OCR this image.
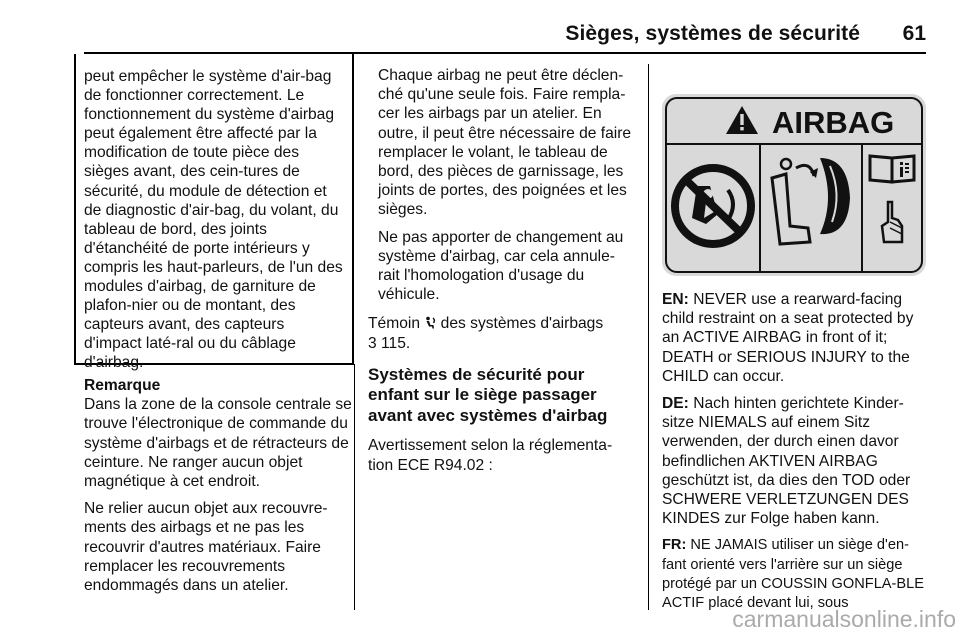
Sièges, systèmes de sécurité	61

peut empêcher le système d'air-bag de fonctionner correctement. Le fonctionnement du système d'airbag peut également être affecté par la modification de toute pièce des sièges avant, des cein-tures de sécurité, du module de détection et de diagnostic d'air-bag, du volant, du tableau de bord, des joints d'étanchéité de porte intérieurs y compris les haut-parleurs, de l'un des modules d'airbag, de garniture de plafon-nier ou de montant, des capteurs avant, des capteurs d'impact laté-ral ou du câblage d'airbag.

Remarque

Dans la zone de la console centrale se trouve l'électronique de commande du système d'airbags et de rétracteurs de ceinture. Ne ranger aucun objet magnétique à cet endroit.

Ne relier aucun objet aux recouvre-ments des airbags et ne pas les recouvrir d'autres matériaux. Faire remplacer les recouvrements endommagés dans un atelier.

Chaque airbag ne peut être déclen-ché qu'une seule fois. Faire rempla-cer les airbags par un atelier. En outre, il peut être nécessaire de faire remplacer le volant, le tableau de bord, des pièces de garnissage, les joints de portes, des poignées et les sièges.

Ne pas apporter de changement au système d'airbag, car cela annule-rait l'homologation d'usage du véhicule.

Témoin  des systèmes d'airbags
3 115.

Systèmes de sécurité pour enfant sur le siège passager avant avec systèmes d'airbag

Avertissement selon la réglementa-tion ECE R94.02 :

AIRBAG

EN: NEVER use a rearward-facing child restraint on a seat protected by an ACTIVE AIRBAG in front of it; DEATH or SERIOUS INJURY to the CHILD can occur.

DE: Nach hinten gerichtete Kinder-sitze NIEMALS auf einem Sitz verwenden, der durch einen davor befindlichen AKTIVEN AIRBAG geschützt ist, da dies den TOD oder SCHWERE VERLETZUNGEN DES KINDES zur Folge haben kann.

FR: NE JAMAIS utiliser un siège d'en-fant orienté vers l'arrière sur un siège protégé par un COUSSIN GONFLA-BLE ACTIF placé devant lui, sous

carmanualsonline.info
